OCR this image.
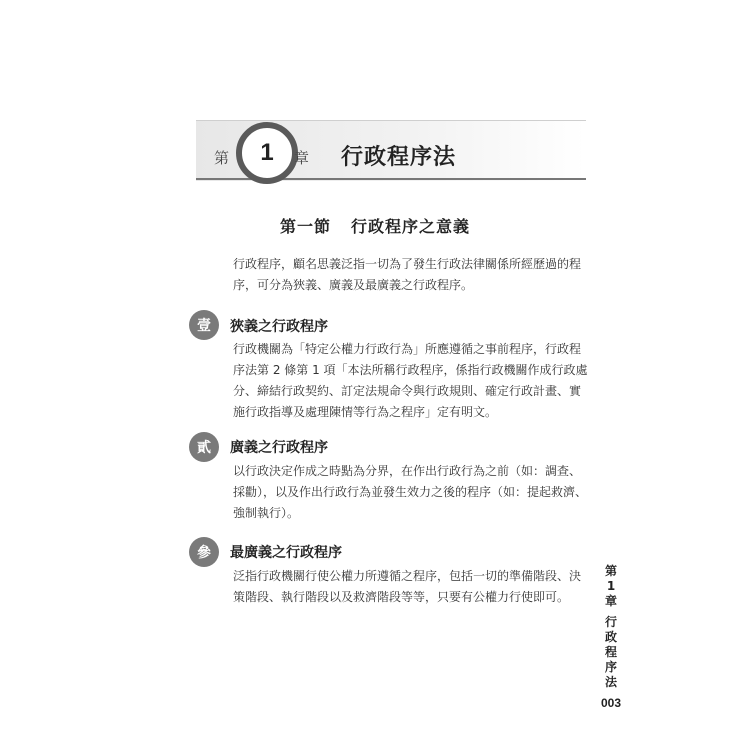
第 1 章 行政程序法
第一節 行政程序之意義
行政程序，顧名思義泛指一切為了發生行政法律關係所經歷過的程序，可分為狹義、廣義及最廣義之行政程序。
壹	狹義之行政程序
行政機關為「特定公權力行政行為」所應遵循之事前程序，行政程序法第 2 條第 1 項「本法所稱行政程序，係指行政機關作成行政處分、締結行政契約、訂定法規命令與行政規則、確定行政計畫、實施行政指導及處理陳情等行為之程序」定有明文。
貳	廣義之行政程序
以行政決定作成之時點為分界，在作出行政行為之前（如：調查、採勸），以及作出行政行為並發生效力之後的程序（如：提起救濟、強制執行）。
參	最廣義之行政程序
泛指行政機關行使公權力所遵循之程序，包括一切的準備階段、決策階段、執行階段以及救濟階段等等，只要有公權力行使即可。
第
1
章
行
政
程
序
法
003
